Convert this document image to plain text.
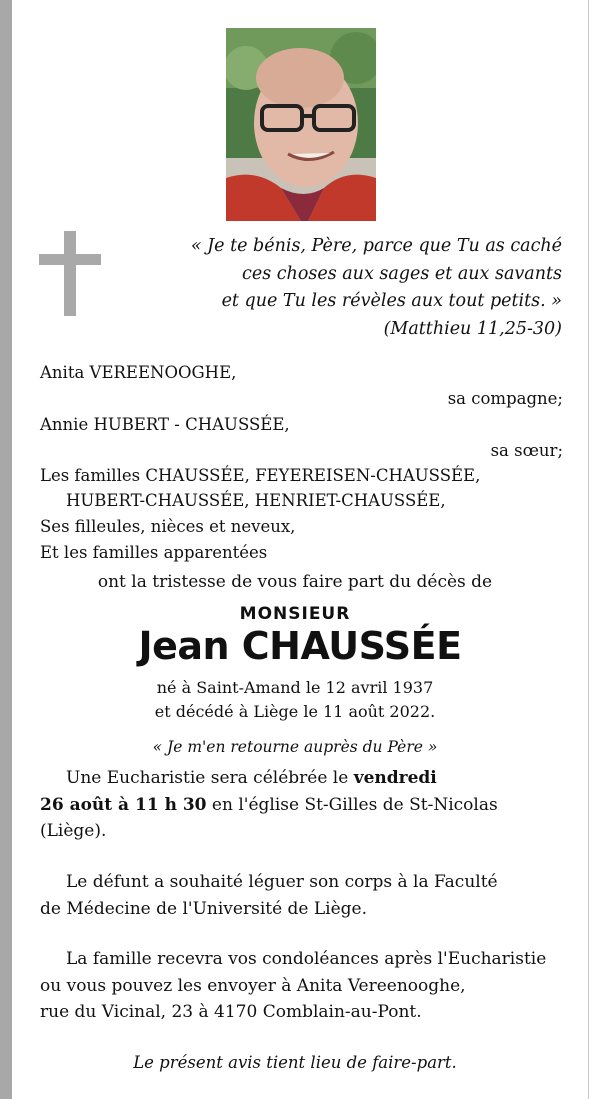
« Je te bénis, Père, parce que Tu as caché
ces choses aux sages et aux savants
et que Tu les révèles aux tout petits. »
(Matthieu 11,25-30)
Anita VEREENOOGHE,
sa compagne;
Annie HUBERT - CHAUSSÉE,
sa sœur;
Les familles CHAUSSÉE, FEYEREISEN-CHAUSSÉE,
HUBERT-CHAUSSÉE, HENRIET-CHAUSSÉE,
Ses filleules, nièces et neveux,
Et les familles apparentées
ont la tristesse de vous faire part du décès de
MONSIEUR
Jean CHAUSSÉE
né à Saint-Amand le 12 avril 1937
et décédé à Liège le 11 août 2022.
« Je m'en retourne auprès du Père »
Une Eucharistie sera célébrée le vendredi
26 août à 11 h 30 en l'église St-Gilles de St-Nicolas
(Liège).
Le défunt a souhaité léguer son corps à la Faculté
de Médecine de l'Université de Liège.
La famille recevra vos condoléances après l'Eucharistie
ou vous pouvez les envoyer à Anita Vereenooghe,
rue du Vicinal, 23 à 4170 Comblain-au-Pont.
Le présent avis tient lieu de faire-part.
